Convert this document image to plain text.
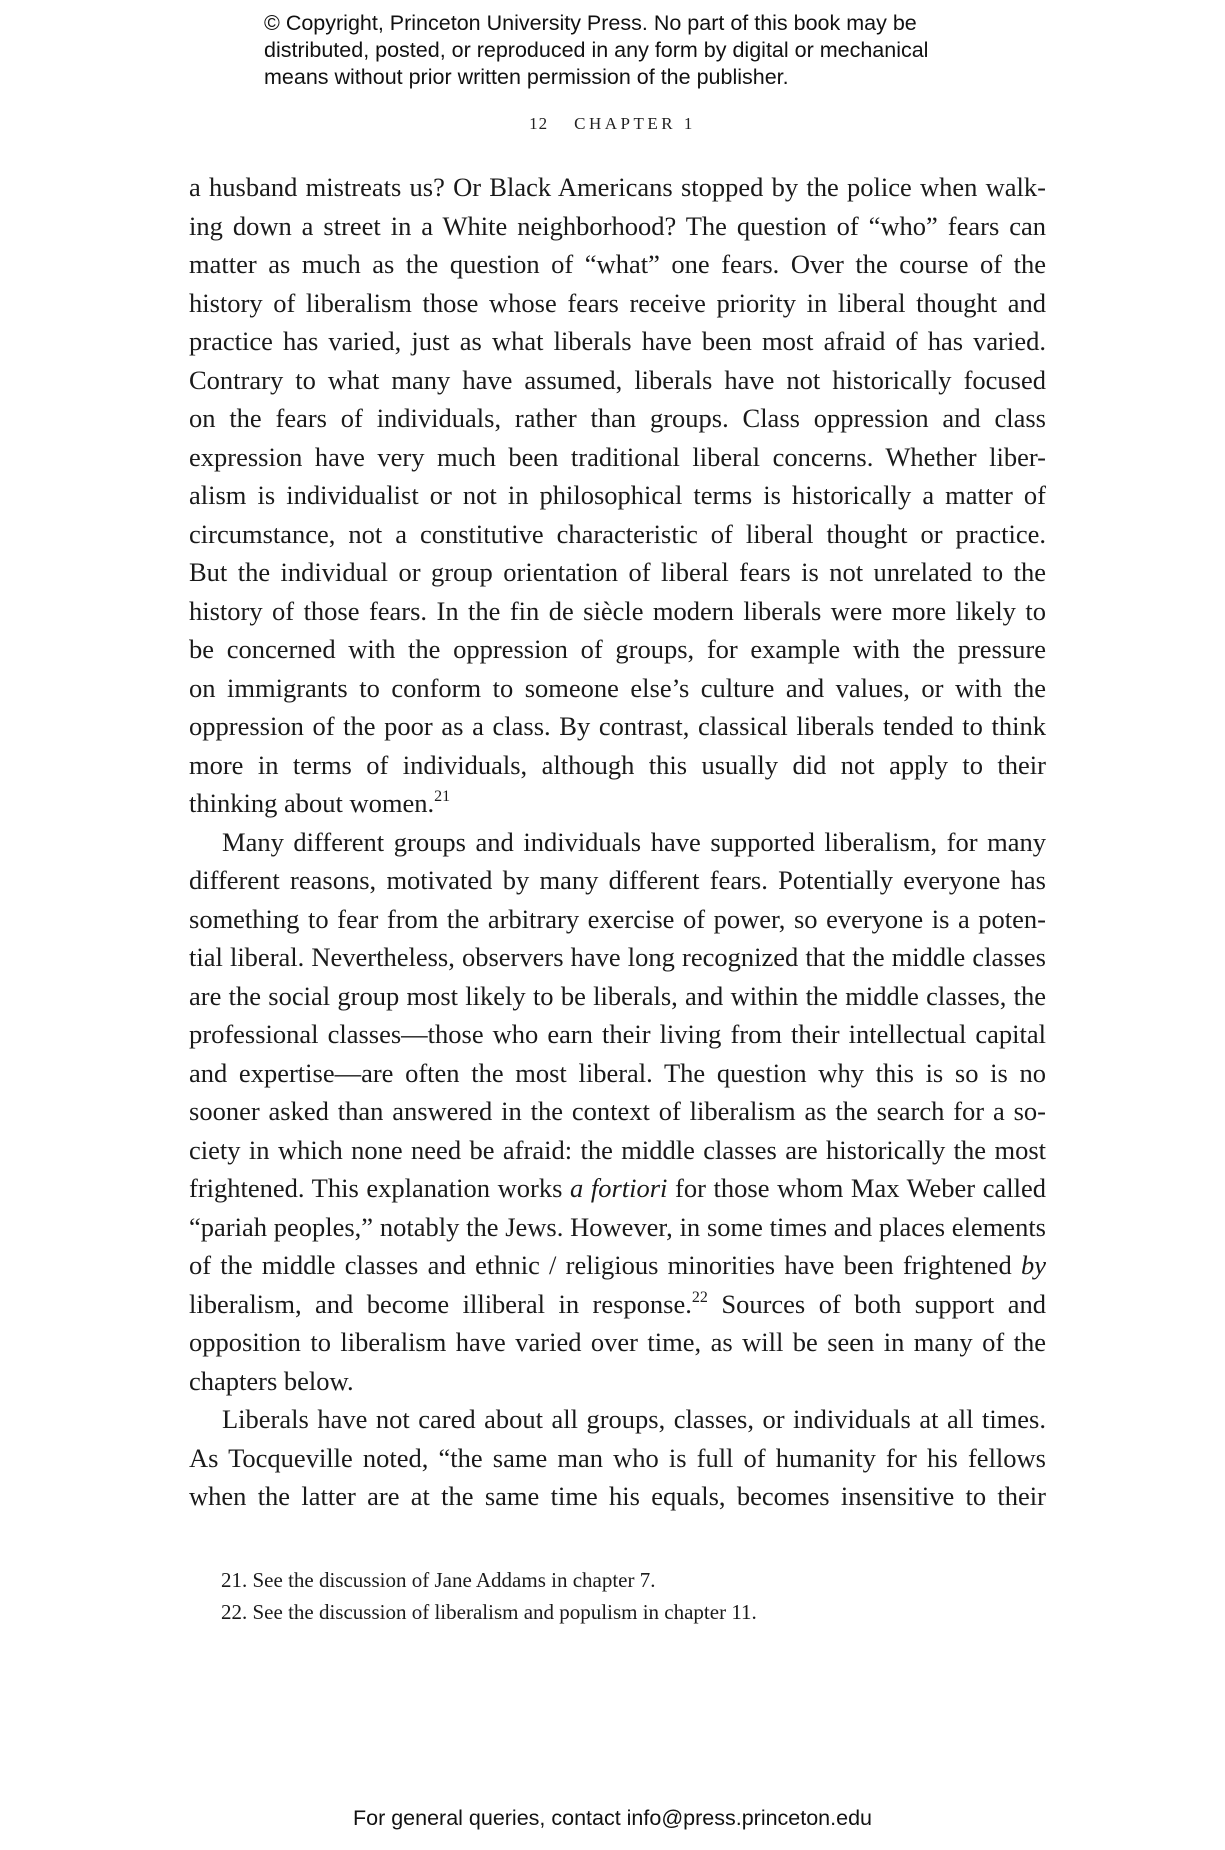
© Copyright, Princeton University Press. No part of this book may be
distributed, posted, or reproduced in any form by digital or mechanical
means without prior written permission of the publisher.
12 CHAPTER 1
a husband mistreats us? Or Black Americans stopped by the police when walk-
ing down a street in a White neighborhood? The question of “who” fears can
matter as much as the question of “what” one fears. Over the course of the
history of liberalism those whose fears receive priority in liberal thought and
practice has varied, just as what liberals have been most afraid of has varied.
Contrary to what many have assumed, liberals have not historically focused
on the fears of individuals, rather than groups. Class oppression and class
expression have very much been traditional liberal concerns. Whether liber-
alism is individualist or not in philosophical terms is historically a matter of
circumstance, not a constitutive characteristic of liberal thought or practice.
But the individual or group orientation of liberal fears is not unrelated to the
history of those fears. In the fin de siècle modern liberals were more likely to
be concerned with the oppression of groups, for example with the pressure
on immigrants to conform to someone else’s culture and values, or with the
oppression of the poor as a class. By contrast, classical liberals tended to think
more in terms of individuals, although this usually did not apply to their
thinking about women.$^{21}$
Many different groups and individuals have supported liberalism, for many
different reasons, motivated by many different fears. Potentially everyone has
something to fear from the arbitrary exercise of power, so everyone is a poten-
tial liberal. Nevertheless, observers have long recognized that the middle classes
are the social group most likely to be liberals, and within the middle classes, the
professional classes—those who earn their living from their intellectual capital
and expertise—are often the most liberal. The question why this is so is no
sooner asked than answered in the context of liberalism as the search for a so-
ciety in which none need be afraid: the middle classes are historically the most
frightened. This explanation works a fortiori for those whom Max Weber called
“pariah peoples,” notably the Jews. However, in some times and places elements
of the middle classes and ethnic / religious minorities have been frightened by
liberalism, and become illiberal in response.$^{22}$ Sources of both support and
opposition to liberalism have varied over time, as will be seen in many of the
chapters below.
Liberals have not cared about all groups, classes, or individuals at all times.
As Tocqueville noted, “the same man who is full of humanity for his fellows
when the latter are at the same time his equals, becomes insensitive to their
21. See the discussion of Jane Addams in chapter 7.
22. See the discussion of liberalism and populism in chapter 11.
For general queries, contact info@press.princeton.edu
